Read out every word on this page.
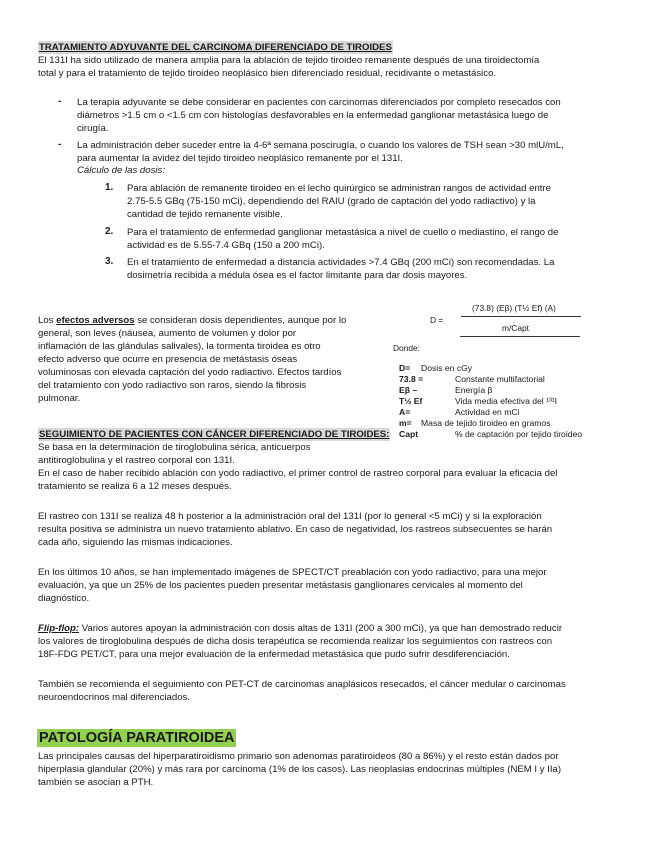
TRATAMIENTO ADYUVANTE DEL CARCINOMA DIFERENCIADO DE TIROIDES
El 131I ha sido utilizado de manera amplia para la ablación de tejido tiroideo remanente después de una tiroidectomía
total y para el tratamiento de tejido tiroideo neoplásico bien diferenciado residual, recidivante o metastásico.
- La terapia adyuvante se debe considerar en pacientes con carcinomas diferenciados por completo resecados con
diámetros >1.5 cm o <1.5 cm con histologías desfavorables en la enfermedad ganglionar metastásica luego de
cirugía.
- La administración deber suceder entre la 4-6ª semana poscirugía, o cuando los valores de TSH sean >30 mlU/mL,
para aumentar la avidez del tejido tiroideo neoplásico remanente por el 131I.
Cálculo de las dosis:
1. Para ablación de remanente tiroideo en el lecho quirúrgico se administran rangos de actividad entre
2.75-5.5 GBq (75-150 mCi), dependiendo del RAIU (grado de captación del yodo radiactivo) y la
cantidad de tejido remanente visible.
2. Para el tratamiento de enfermedad ganglionar metastásica a nivel de cuello o mediastino, el rango de
actividad es de 5.55-7.4 GBq (150 a 200 mCi).
3. En el tratamiento de enfermedad a distancia actividades >7.4 GBq (200 mCi) son recomendadas. La
dosimetría recibida a médula ósea es el factor limitante para dar dosis mayores.
Los efectos adversos se consideran dosis dependientes, aunque por lo
general, son leves (náusea, aumento de volumen y dolor por
inflamación de las glándulas salivales), la tormenta tiroidea es otro
efecto adverso que ocurre en presencia de metástasis óseas
voluminosas con elevada captación del yodo radiactivo. Efectos tardíos
del tratamiento con yodo radiactivo son raros, siendo la fibrosis
pulmonar.
(73.8) (Eβ) (T½ Ef) (A)
D =
m/Capt
Donde:
D=	Dosis en cGy
73.8 =	Constante multifactorial
Eβ –	Energía β
T½ Ef	Vida media efectiva del ¹³¹I
A=	Actividad en mCi
m=	Masa de tejido tiroideo en gramos
Capt	% de captación por tejido tiroideo
SEGUIMIENTO DE PACIENTES CON CÁNCER DIFERENCIADO DE TIROIDES:
Se basa en la determinación de tiroglobulina sérica, anticuerpos
antitiroglobulina y el rastreo corporal con 131I.
En el caso de haber recibido ablación con yodo radiactivo, el primer control de rastreo corporal para evaluar la eficacia del
tratamiento se realiza 6 a 12 meses después.
El rastreo con 131I se realiza 48 h posterior a la administración oral del 131I (por lo general <5 mCi) y si la exploración
resulta positiva se administra un nuevo tratamiento ablativo. En caso de negatividad, los rastreos subsecuentes se harán
cada año, siguiendo las mismas indicaciones.
En los últimos 10 años, se han implementado imágenes de SPECT/CT preablación con yodo radiactivo, para una mejor
evaluación, ya que un 25% de los pacientes pueden presentar metástasis ganglionares cervicales al momento del
diagnóstico.
Flip-flop: Varios autores apoyan la administración con dosis altas de 131I (200 a 300 mCi), ya que han demostrado reducir
los valores de tiroglobulina después de dicha dosis terapéutica se recomienda realizar los seguimientos con rastreos con
18F-FDG PET/CT, para una mejor evaluación de la enfermedad metastásica que pudo sufrir desdiferenciación.
También se recomienda el seguimiento con PET-CT de carcinomas anaplásicos resecados, el cáncer medular o carcinomas
neuroendocrinos mal diferenciados.
PATOLOGÍA PARATIROIDEA
Las principales causas del hiperparatiroidismo primario son adenomas paratiroideos (80 a 86%) y el resto están dados por
hiperplasia glandular (20%) y más rara por carcinoma (1% de los casos). Las neoplasias endocrinas múltiples (NEM I y IIa)
también se asocian a PTH.
